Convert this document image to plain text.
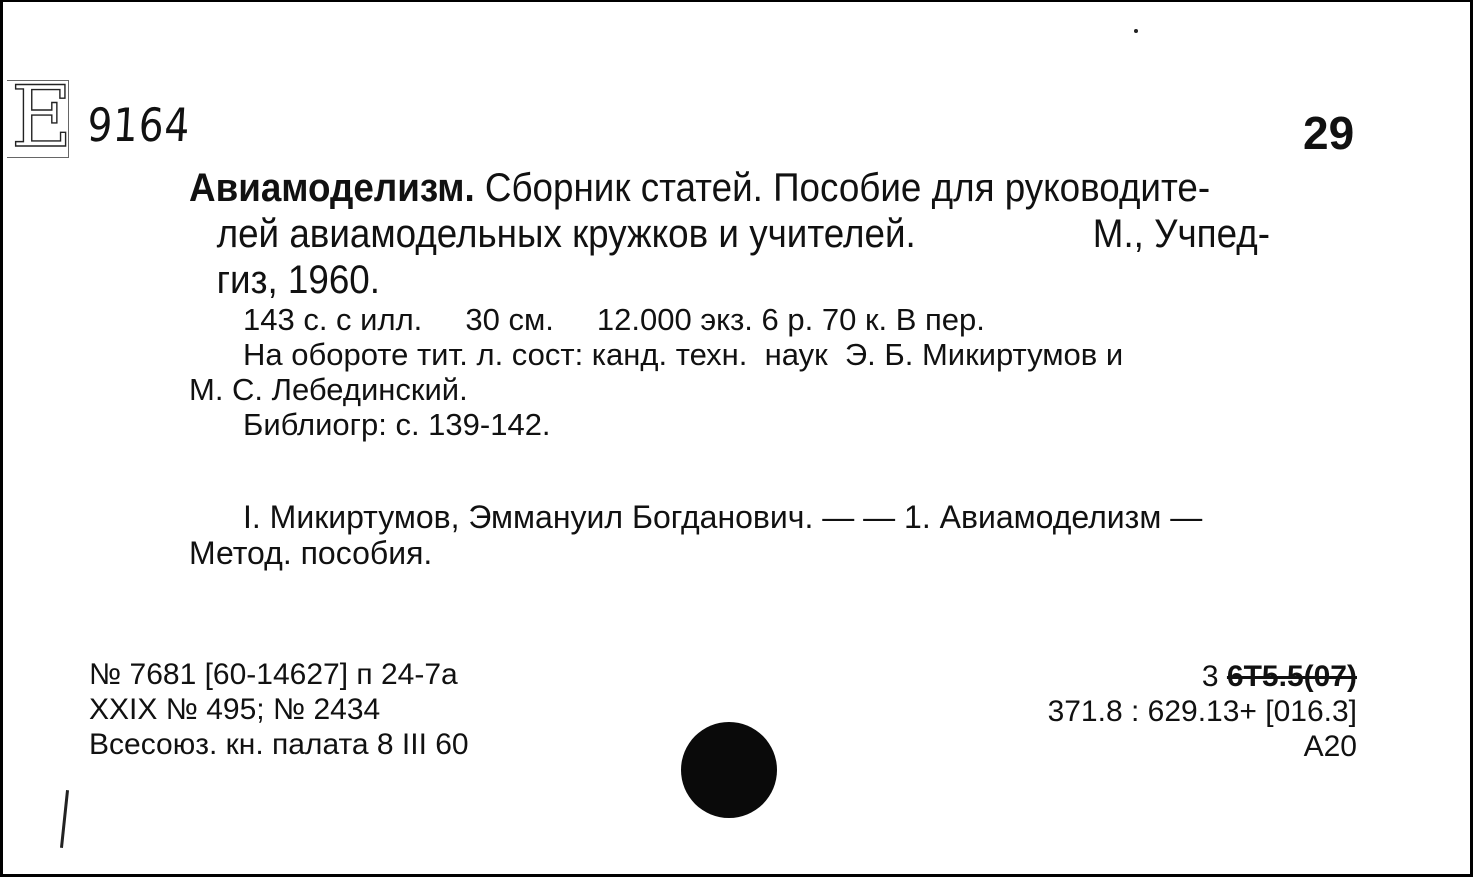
Е 9164	29
Авиамоделизм. Сборник статей. Пособие для руководите-
лей авиамодельных кружков и учителей.	М., Учпед-
гиз, 1960.
143 с. с илл.     30 см.     12.000 экз. 6 р. 70 к. В пер.
На обороте тит. л. сост: канд. техн.  наук  Э. Б. Микиртумов и
М. С. Лебединский.
Библиогр: с. 139-142.
I. Микиртумов, Эммануил Богданович. — — 1. Авиамоделизм —
Метод. пособия.
№ 7681 [60-14627] п 24-7а
XXIX № 495; № 2434
Всесоюз. кн. палата 8 III 60
3 6Т5.5(07)
371.8 : 629.13+ [016.3]
А20
